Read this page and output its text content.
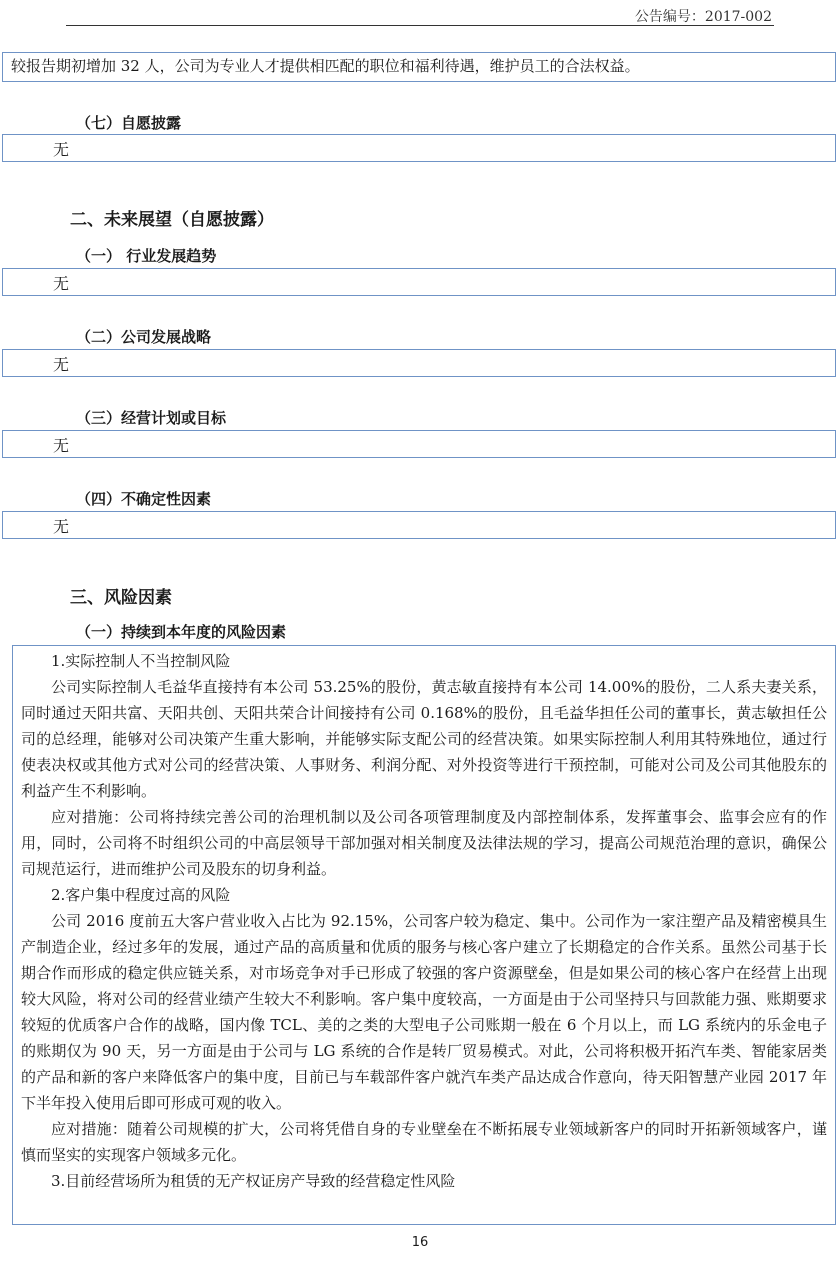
公告编号：2017-002
较报告期初增加 32 人，公司为专业人才提供相匹配的职位和福利待遇，维护员工的合法权益。
（七）自愿披露
无
二、未来展望（自愿披露）
（一） 行业发展趋势
无
（二）公司发展战略
无
（三）经营计划或目标
无
（四）不确定性因素
无
三、风险因素
（一）持续到本年度的风险因素

1.实际控制人不当控制风险

公司实际控制人毛益华直接持有本公司 53.25%的股份，黄志敏直接持有本公司 14.00%的股份，二人系夫妻关系，同时通过天阳共富、天阳共创、天阳共荣合计间接持有公司 0.168%的股份，且毛益华担任公司的董事长，黄志敏担任公司的总经理，能够对公司决策产生重大影响，并能够实际支配公司的经营决策。如果实际控制人利用其特殊地位，通过行使表决权或其他方式对公司的经营决策、人事财务、利润分配、对外投资等进行干预控制，可能对公司及公司其他股东的利益产生不利影响。

应对措施：公司将持续完善公司的治理机制以及公司各项管理制度及内部控制体系，发挥董事会、监事会应有的作用，同时，公司将不时组织公司的中高层领导干部加强对相关制度及法律法规的学习，提高公司规范治理的意识，确保公司规范运行，进而维护公司及股东的切身利益。

2.客户集中程度过高的风险

公司 2016 度前五大客户营业收入占比为 92.15%，公司客户较为稳定、集中。公司作为一家注塑产品及精密模具生产制造企业，经过多年的发展，通过产品的高质量和优质的服务与核心客户建立了长期稳定的合作关系。虽然公司基于长期合作而形成的稳定供应链关系，对市场竞争对手已形成了较强的客户资源壁垒，但是如果公司的核心客户在经营上出现较大风险，将对公司的经营业绩产生较大不利影响。客户集中度较高，一方面是由于公司坚持只与回款能力强、账期要求较短的优质客户合作的战略，国内像 TCL、美的之类的大型电子公司账期一般在 6 个月以上，而 LG 系统内的乐金电子的账期仅为 90 天，另一方面是由于公司与 LG 系统的合作是转厂贸易模式。对此，公司将积极开拓汽车类、智能家居类的产品和新的客户来降低客户的集中度，目前已与车载部件客户就汽车类产品达成合作意向，待天阳智慧产业园 2017 年下半年投入使用后即可形成可观的收入。

应对措施：随着公司规模的扩大，公司将凭借自身的专业壁垒在不断拓展专业领域新客户的同时开拓新领域客户，谨慎而坚实的实现客户领域多元化。

3.目前经营场所为租赁的无产权证房产导致的经营稳定性风险

16
